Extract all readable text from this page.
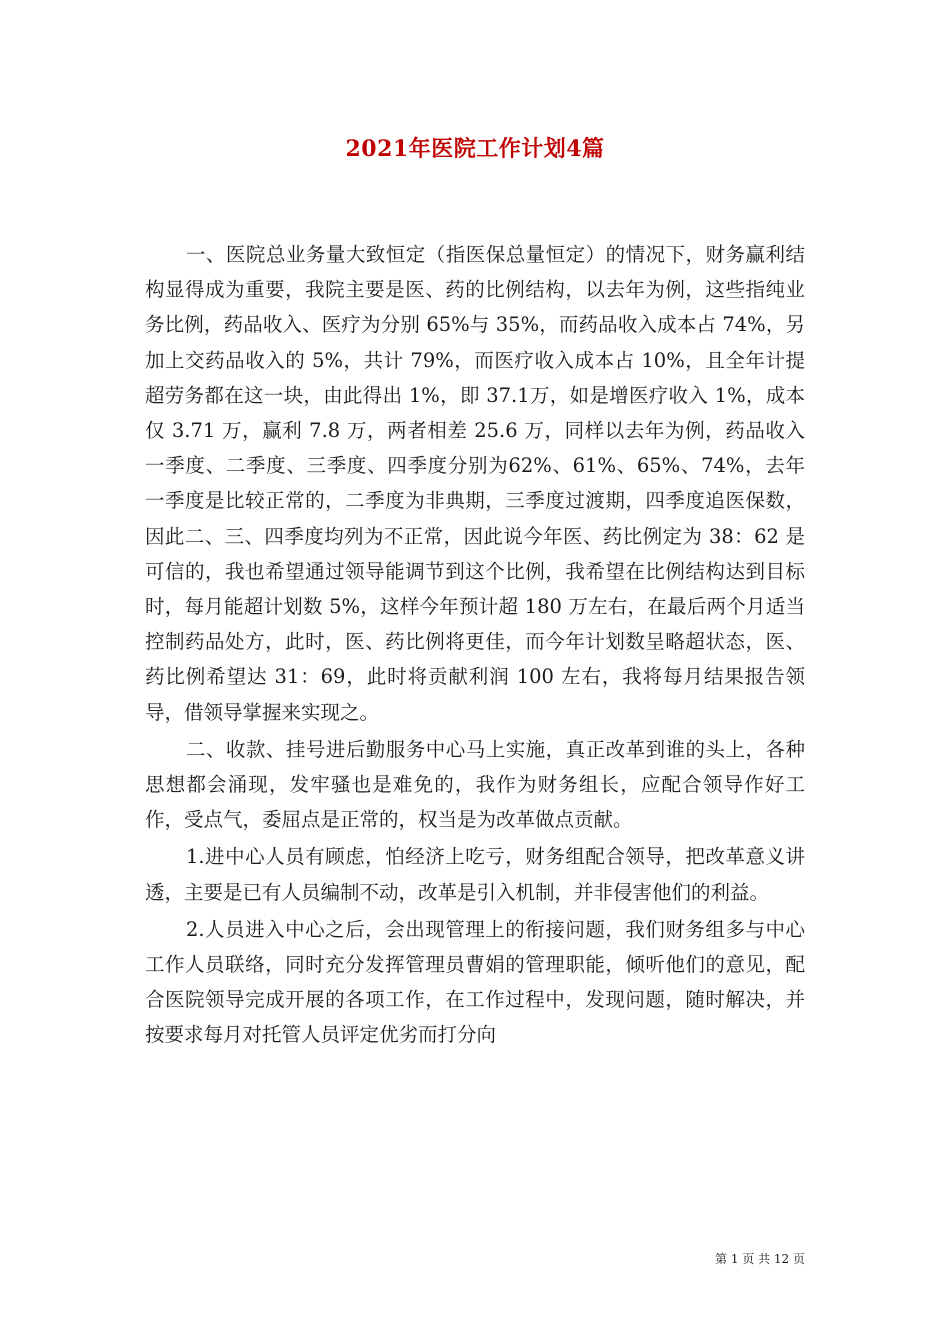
2021年医院工作计划4篇

一、医院总业务量大致恒定（指医保总量恒定）的情况下，财务赢利结构显得成为重要，我院主要是医、药的比例结构，以去年为例，这些指纯业务比例，药品收入、医疗为分别 65%与 35%，而药品收入成本占 74%，另加上交药品收入的 5%，共计 79%，而医疗收入成本占 10%，且全年计提超劳务都在这一块，由此得出 1%，即 37.1万，如是增医疗收入 1%，成本仅 3.71 万，赢利 7.8 万，两者相差 25.6 万，同样以去年为例，药品收入一季度、二季度、三季度、四季度分别为62%、61%、65%、74%，去年一季度是比较正常的，二季度为非典期，三季度过渡期，四季度追医保数，因此二、三、四季度均列为不正常，因此说今年医、药比例定为 38：62 是可信的，我也希望通过领导能调节到这个比例，我希望在比例结构达到目标时，每月能超计划数 5%，这样今年预计超 180 万左右，在最后两个月适当控制药品处方，此时，医、药比例将更佳，而今年计划数呈略超状态，医、药比例希望达 31：69，此时将贡献利润 100 左右，我将每月结果报告领导，借领导掌握来实现之。

二、收款、挂号进后勤服务中心马上实施，真正改革到谁的头上，各种思想都会涌现，发牢骚也是难免的，我作为财务组长，应配合领导作好工作，受点气，委屈点是正常的，权当是为改革做点贡献。

1.进中心人员有顾虑，怕经济上吃亏，财务组配合领导，把改革意义讲透，主要是已有人员编制不动，改革是引入机制，并非侵害他们的利益。

2.人员进入中心之后，会出现管理上的衔接问题，我们财务组多与中心工作人员联络，同时充分发挥管理员曹娟的管理职能，倾听他们的意见，配合医院领导完成开展的各项工作，在工作过程中，发现问题，随时解决，并按要求每月对托管人员评定优劣而打分向

第 1 页 共 12 页
